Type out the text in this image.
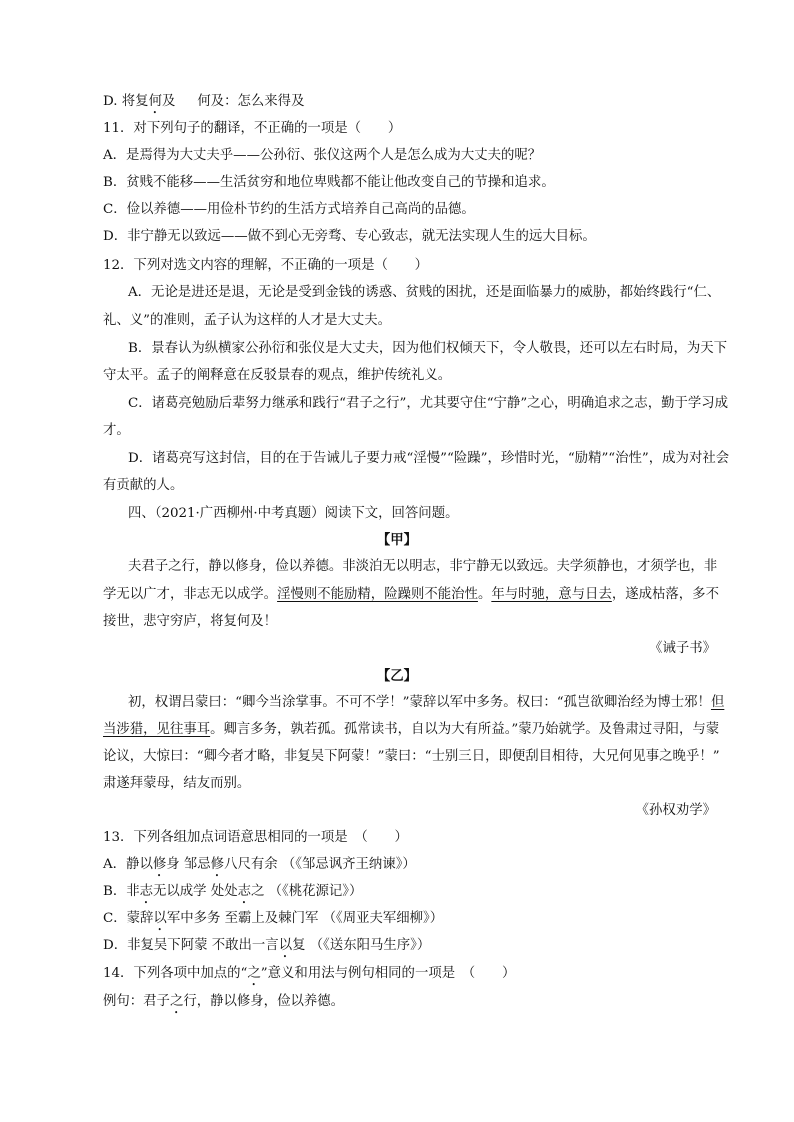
D. 将复何及 何及：怎么来得及
11．对下列句子的翻译，不正确的一项是（　　）
A．是焉得为大丈夫乎——公孙衍、张仪这两个人是怎么成为大丈夫的呢？
B．贫贱不能移——生活贫穷和地位卑贱都不能让他改变自己的节操和追求。
C．俭以养德——用俭朴节约的生活方式培养自己高尚的品德。
D．非宁静无以致远——做不到心无旁骛、专心致志，就无法实现人生的远大目标。
12．下列对选文内容的理解，不正确的一项是（　　）
A．无论是进还是退，无论是受到金钱的诱惑、贫贱的困扰，还是面临暴力的威胁，都始终践行“仁、
礼、义”的准则，孟子认为这样的人才是大丈夫。
B．景春认为纵横家公孙衍和张仪是大丈夫，因为他们权倾天下，令人敬畏，还可以左右时局，为天下
守太平。孟子的阐释意在反驳景春的观点，维护传统礼义。
C．诸葛亮勉励后辈努力继承和践行“君子之行”，尤其要守住“宁静”之心，明确追求之志，勤于学习成
才。
D．诸葛亮写这封信，目的在于告诫儿子要力戒“淫慢”“险躁”，珍惜时光，“励精”“治性”，成为对社会
有贡献的人。
四、（2021·广西柳州·中考真题）阅读下文，回答问题。
【甲】
夫君子之行，静以修身，俭以养德。非淡泊无以明志，非宁静无以致远。夫学须静也，才须学也，非
学无以广才，非志无以成学。淫慢则不能励精，险躁则不能治性。年与时驰，意与日去，遂成枯落，多不
接世，悲守穷庐，将复何及！
《诫子书》
【乙】
初，权谓吕蒙曰：“卿今当涂掌事。不可不学！”蒙辞以军中多务。权曰：“孤岂欲卿治经为博士邪！但
当涉猎，见往事耳。卿言多务，孰若孤。孤常读书，自以为大有所益。”蒙乃始就学。及鲁肃过寻阳，与蒙
论议，大惊曰：“卿今者才略，非复吴下阿蒙！”蒙曰：“士别三日，即便刮目相待，大兄何见事之晚乎！”
肃遂拜蒙母，结友而别。
《孙权劝学》
13．下列各组加点词语意思相同的一项是　（　　）
A．静以修身 邹忌修八尺有余 （《邹忌讽齐王纳谏》）
B．非志无以成学 处处志之 （《桃花源记》）
C．蒙辞以军中多务 至霸上及棘门军 （《周亚夫军细柳》）
D．非复吴下阿蒙 不敢出一言以复 （《送东阳马生序》）
14．下列各项中加点的“之”意义和用法与例句相同的一项是　（　　）
例句：君子之行，静以修身，俭以养德。
